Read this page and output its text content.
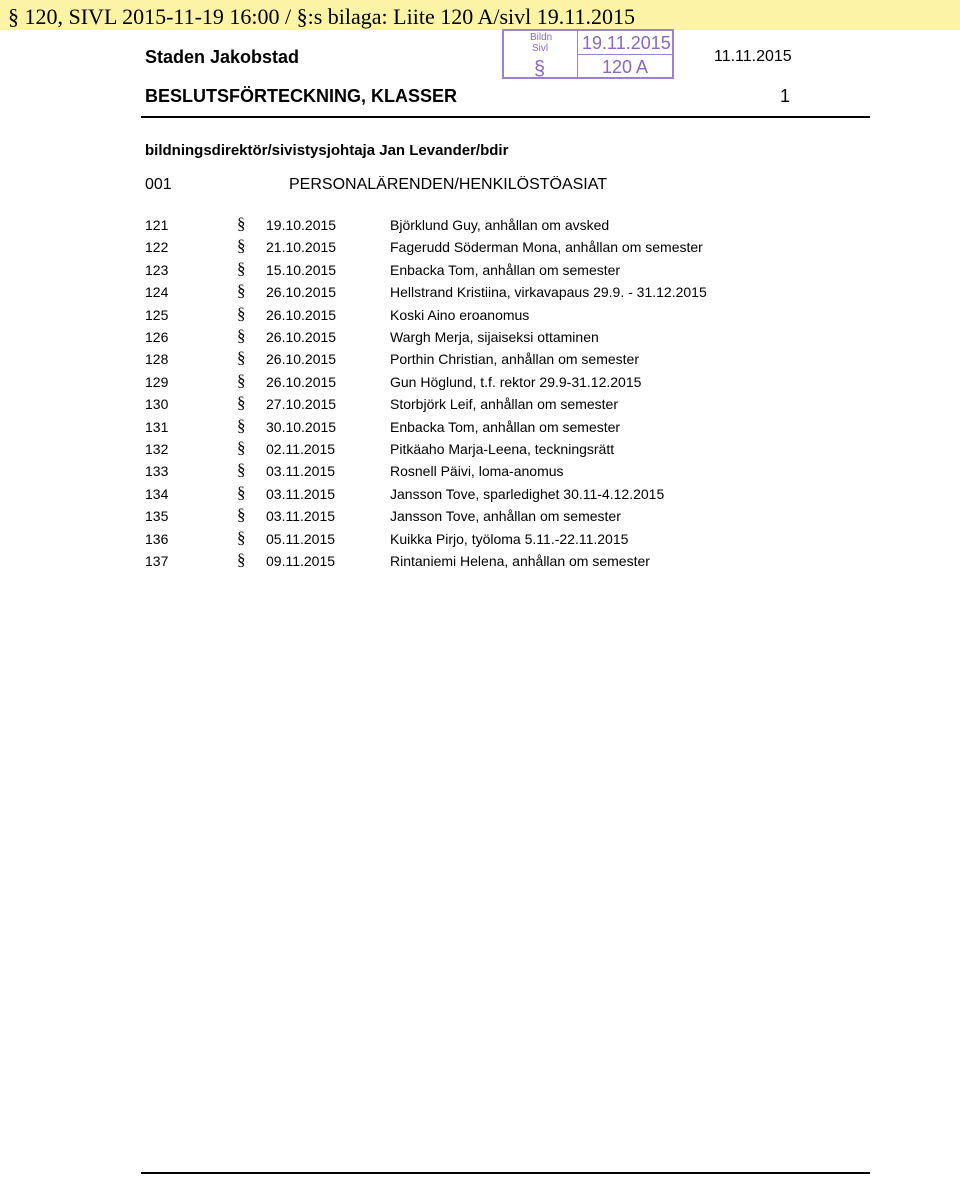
§ 120, SIVL 2015-11-19 16:00 / §:s bilaga: Liite 120 A/sivl 19.11.2015
Bildn
Sivl 19.11.2015
§	120 A
Staden Jakobstad	11.11.2015
BESLUTSFÖRTECKNING, KLASSER	1
bildningsdirektör/sivistysjohtaja Jan Levander/bdir
001	PERSONALÄRENDEN/HENKILÖSTÖASIAT
121	§ 19.10.2015	Björklund Guy, anhållan om avsked
122	§ 21.10.2015	Fagerudd Söderman Mona, anhållan om semester
123	§ 15.10.2015	Enbacka Tom, anhållan om semester
124	§ 26.10.2015	Hellstrand Kristiina, virkavapaus 29.9. - 31.12.2015
125	§ 26.10.2015	Koski Aino eroanomus
126	§ 26.10.2015	Wargh Merja, sijaiseksi ottaminen
128	§ 26.10.2015	Porthin Christian, anhållan om semester
129	§ 26.10.2015	Gun Höglund, t.f. rektor 29.9-31.12.2015
130	§ 27.10.2015	Storbjörk Leif, anhållan om semester
131	§ 30.10.2015	Enbacka Tom, anhållan om semester
132	§ 02.11.2015	Pitkäaho Marja-Leena, teckningsrätt
133	§ 03.11.2015	Rosnell Päivi, loma-anomus
134	§ 03.11.2015	Jansson Tove, sparledighet 30.11-4.12.2015
135	§ 03.11.2015	Jansson Tove, anhållan om semester
136	§ 05.11.2015	Kuikka Pirjo, työloma 5.11.-22.11.2015
137	§ 09.11.2015	Rintaniemi Helena, anhållan om semester
